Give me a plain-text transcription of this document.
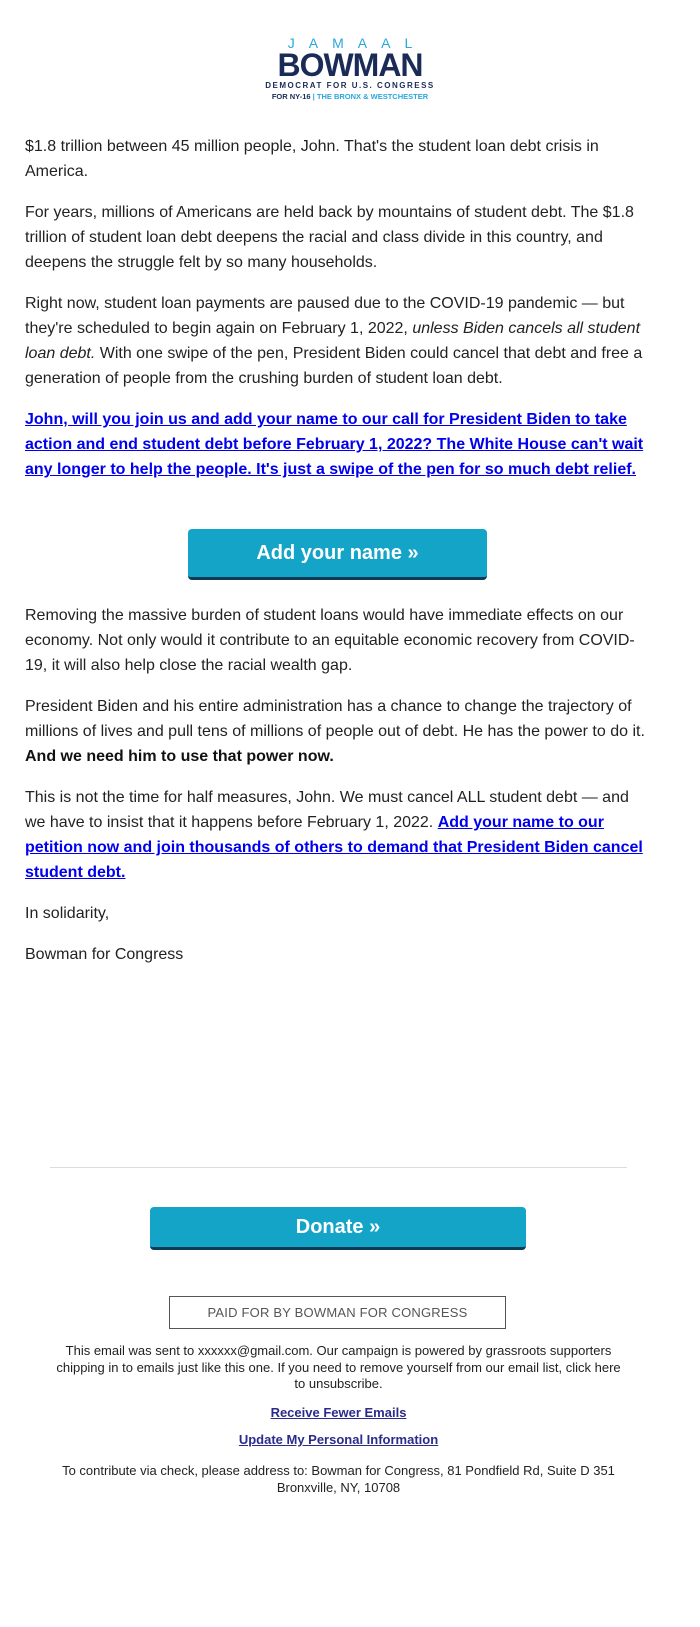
JAMAAL
BOWMAN
DEMOCRAT FOR U.S. CONGRESS
FOR NY-16 | THE BRONX & WESTCHESTER

$1.8 trillion between 45 million people, John. That's the student loan debt crisis in America.

For years, millions of Americans are held back by mountains of student debt. The $1.8 trillion of student loan debt deepens the racial and class divide in this country, and deepens the struggle felt by so many households.

Right now, student loan payments are paused due to the COVID-19 pandemic — but they're scheduled to begin again on February 1, 2022, unless Biden cancels all student loan debt. With one swipe of the pen, President Biden could cancel that debt and free a generation of people from the crushing burden of student loan debt.

John, will you join us and add your name to our call for President Biden to take action and end student debt before February 1, 2022? The White House can't wait any longer to help the people. It's just a swipe of the pen for so much debt relief.

Add your name »

Removing the massive burden of student loans would have immediate effects on our economy. Not only would it contribute to an equitable economic recovery from COVID-19, it will also help close the racial wealth gap.

President Biden and his entire administration has a chance to change the trajectory of millions of lives and pull tens of millions of people out of debt. He has the power to do it. And we need him to use that power now.

This is not the time for half measures, John. We must cancel ALL student debt — and we have to insist that it happens before February 1, 2022. Add your name to our petition now and join thousands of others to demand that President Biden cancel student debt.

In solidarity,

Bowman for Congress

Donate »
PAID FOR BY BOWMAN FOR CONGRESS
This email was sent to xxxxxx@gmail.com. Our campaign is powered by grassroots supporters chipping in to emails just like this one. If you need to remove yourself from our email list, click here to unsubscribe.
Receive Fewer Emails
Update My Personal Information
To contribute via check, please address to: Bowman for Congress, 81 Pondfield Rd, Suite D 351 Bronxville, NY, 10708
